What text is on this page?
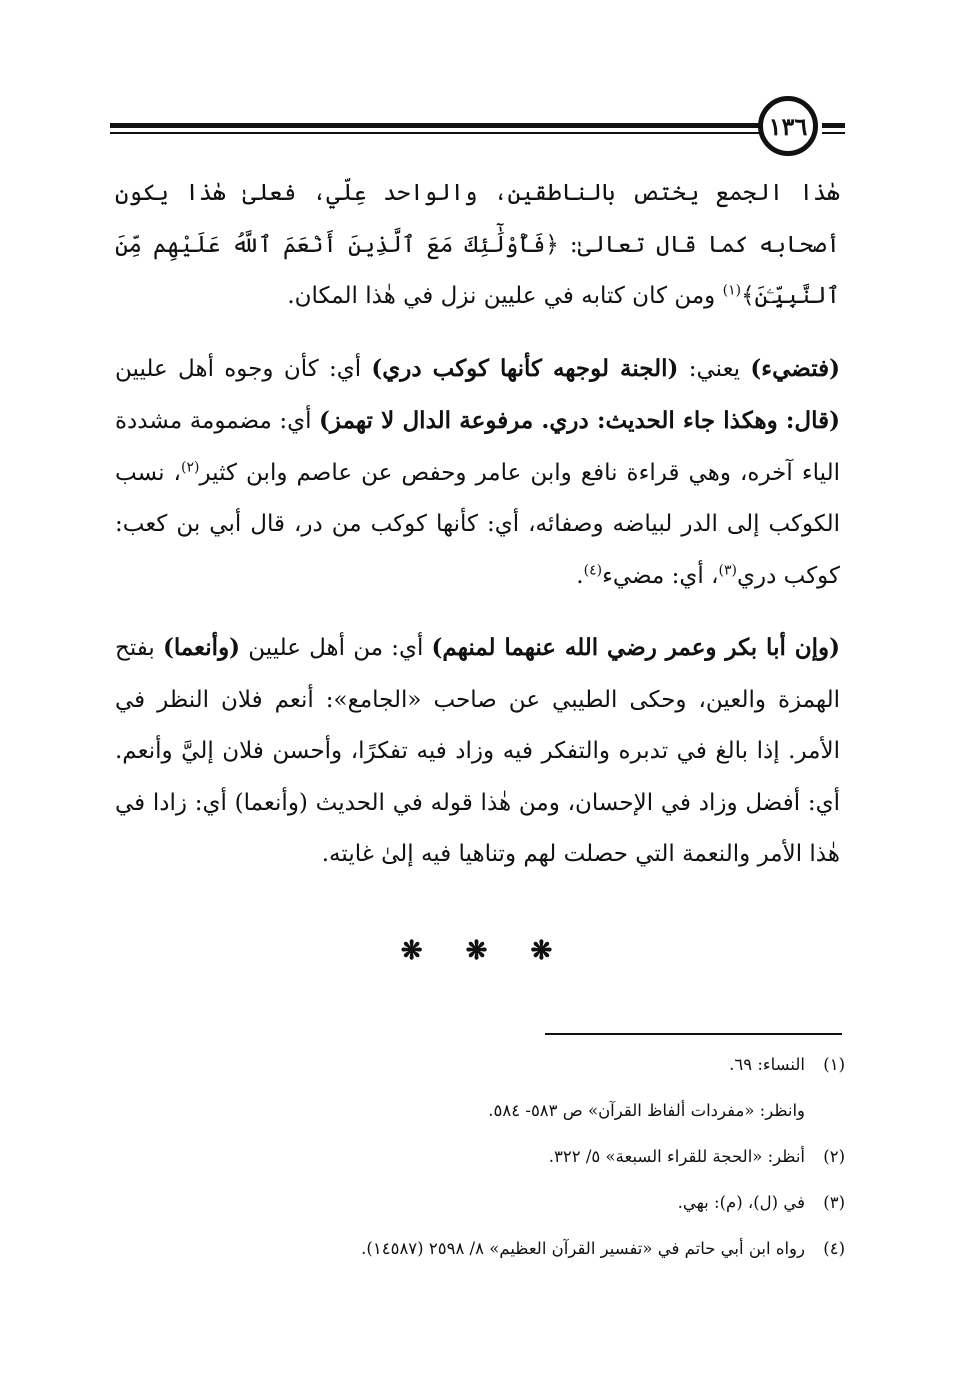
١٣٦

هٰذا الجمع يختص بالناطقين، والواحد عِلّي، فعلىٰ هٰذا يكون أصحابه كما قال تعالىٰ: ﴿فَأُوْلَٰٓئِكَ مَعَ ٱلَّذِينَ أَنْعَمَ ٱللَّهُ عَلَيْهِم مِّنَ ٱلنَّبِيِّـۧنَ﴾$^{(١)}$ ومن كان كتابه في عليين نزل في هٰذا المكان.

(فتضيء) يعني: (الجنة لوجهه كأنها كوكب دري) أي: كأن وجوه أهل عليين (قال: وهكذا جاء الحديث: دري. مرفوعة الدال لا تهمز) أي: مضمومة مشددة الياء آخره، وهي قراءة نافع وابن عامر وحفص عن عاصم وابن كثير$^{(٢)}$، نسب الكوكب إلى الدر لبياضه وصفائه، أي: كأنها كوكب من در، قال أبي بن كعب: كوكب دري$^{(٣)}$، أي: مضيء$^{(٤)}$.

(وإن أبا بكر وعمر رضي الله عنهما لمنهم) أي: من أهل عليين (وأنعما) بفتح الهمزة والعين، وحكى الطيبي عن صاحب «الجامع»: أنعم فلان النظر في الأمر. إذا بالغ في تدبره والتفكر فيه وزاد فيه تفكرًا، وأحسن فلان إليَّ وأنعم. أي: أفضل وزاد في الإحسان، ومن هٰذا قوله في الحديث (وأنعما) أي: زادا في هٰذا الأمر والنعمة التي حصلت لهم وتناهيا فيه إلىٰ غايته.

❋ ❋ ❋
(١)
النساء: ٦٩.
وانظر: «مفردات ألفاظ القرآن» ص ٥٨٣- ٥٨٤.
(٢)
أنظر: «الحجة للقراء السبعة» ٥/ ٣٢٢.
(٣)
في (ل)، (م): بهي.
(٤)
رواه ابن أبي حاتم في «تفسير القرآن العظيم» ٨/ ٢٥٩٨ (١٤٥٨٧).
